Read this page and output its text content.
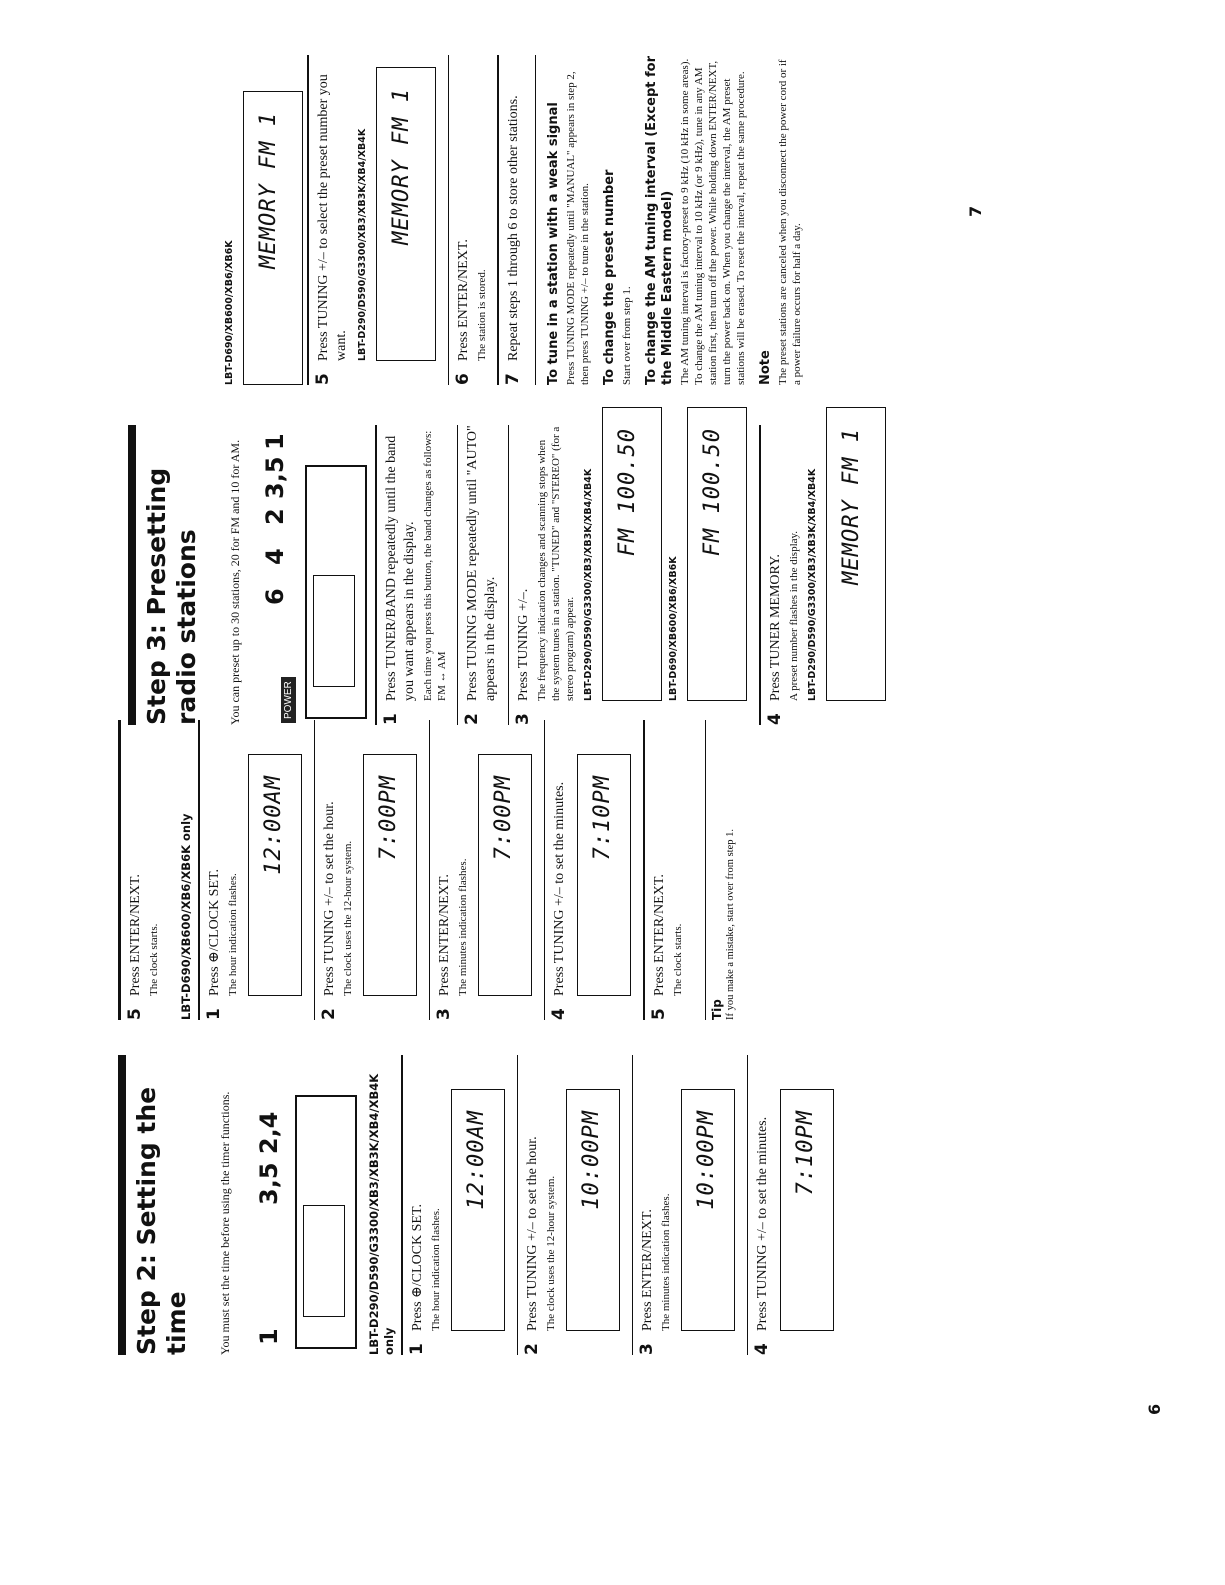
Step 2: Setting the time You must set the time before using the timer functions. 1
3,5 2,4	LBT-D290/D590/G3300/XB3/XB3K/XB4/XB4K only 1
Press ⊕/CLOCK SET. The hour indication flashes.
12:00AM
2
Press TUNING +/– to set the hour. The clock uses the 12-hour system.
10:00PM
3
Press ENTER/NEXT. The minutes indication flashes.
10:00PM
4
Press TUNING +/– to set the minutes. 7:10PM
5
Press ENTER/NEXT. The clock starts. LBT-D690/XB600/XB6/XB6K only 1
Press ⊕/CLOCK SET. The hour indication flashes.
12:00AM
2
Press TUNING +/– to set the hour. The clock uses the 12-hour system.
7:00PM
3
Press ENTER/NEXT. The minutes indication flashes.
7:00PM
4
Press TUNING +/– to set the minutes. 7:10PM
5
Press ENTER/NEXT. The clock starts.
Tip If you make a mistake, start over from step 1.
Step 3: Presetting radio stations You can preset up to 30 stations, 20 for FM and 10 for AM.	POWER
6
4
2
3,5
1
1
Press TUNER/BAND repeatedly until the band you want appears in the display. Each time you press this button, the band changes as follows: FM ↔ AM
2
Press TUNING MODE repeatedly until "AUTO" appears in the display.
3
Press TUNING +/–. The frequency indication changes and scanning stops when the system tunes in a station. "TUNED" and "STEREO" (for a stereo program) appear. LBT-D290/D590/G3300/XB3/XB3K/XB4/XB4K FM 100.50
LBT-D690/XB600/XB6/XB6K
FM 100.50
4
Press TUNER MEMORY. A preset number flashes in the display. LBT-D290/D590/G3300/XB3/XB3K/XB4/XB4K MEMORY FM 1
LBT-D690/XB600/XB6/XB6K
MEMORY FM 1
5
Press TUNING +/– to select the preset number you want. LBT-D290/D590/G3300/XB3/XB3K/XB4/XB4K MEMORY FM 1
6
Press ENTER/NEXT. The station is stored.
7
Repeat steps 1 through 6 to store other stations. To tune in a station with a weak signal Press TUNING MODE repeatedly until "MANUAL" appears in step 2, then press TUNING +/– to tune in the station. To change the preset number Start over from step 1. To change the AM tuning interval (Except for the Middle Eastern model) The AM tuning interval is factory-preset to 9 kHz (10 kHz in some areas). To change the AM tuning interval to 10 kHz (or 9 kHz), tune in any AM station first, then turn off the power. While holding down ENTER/NEXT, turn the power back on. When you change the interval, the AM preset stations will be erased. To reset the interval, repeat the same procedure. Note The preset stations are canceled when you disconnect the power cord or if a power failure occurs for half a day.
6
7
